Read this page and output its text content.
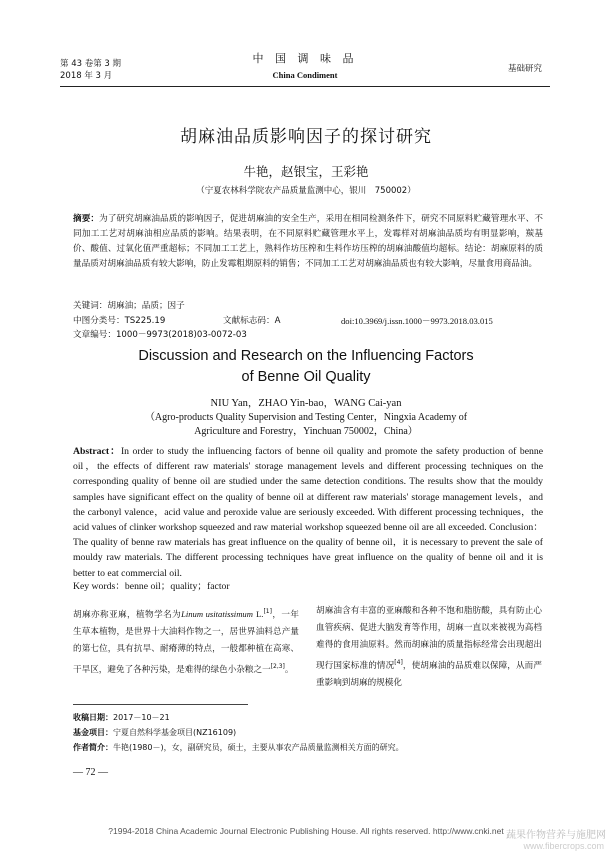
第 43 卷第 3 期
2018 年 3 月
中 国 调 味 品
China Condiment
基础研究
胡麻油品质影响因子的探讨研究
牛艳，赵银宝，王彩艳
（宁夏农林科学院农产品质量监测中心，银川　750002）
摘要：为了研究胡麻油品质的影响因子，促进胡麻油的安全生产，采用在相同检测条件下，研究不同原料贮藏管理水平、不同加工工艺对胡麻油相应品质的影响。结果表明，在不同原料贮藏管理水平上，发霉样对胡麻油品质均有明显影响，羰基价、酸值、过氧化值严重超标；不同加工工艺上，熟料作坊压榨和生料作坊压榨的胡麻油酸值均超标。结论：胡麻原料的质量品质对胡麻油品质有较大影响，防止发霉粗期原料的销售；不同加工工艺对胡麻油品质也有较大影响，尽量食用商品油。
关键词：胡麻油；品质；因子
中图分类号：TS225.19	文献标志码：A	doi:10.3969/j.issn.1000－9973.2018.03.015
文章编号：1000－9973(2018)03-0072-03
Discussion and Research on the Influencing Factors
of Benne Oil Quality
NIU Yan，ZHAO Yin-bao，WANG Cai-yan
（Agro-products Quality Supervision and Testing Center，Ningxia Academy of
Agriculture and Forestry，Yinchuan 750002，China）
Abstract：In order to study the influencing factors of benne oil quality and promote the safety production of benne oil，the effects of different raw materials' storage management levels and different processing techniques on the corresponding quality of benne oil are studied under the same detection conditions. The results show that the mouldy samples have significant effect on the quality of benne oil at different raw materials' storage management levels，and the carbonyl valence，acid value and peroxide value are seriously exceeded. With different processing techniques，the acid values of clinker workshop squeezed and raw material workshop squeezed benne oil are all exceeded. Conclusion：The quality of benne raw materials has great influence on the quality of benne oil，it is necessary to prevent the sale of mouldy raw materials. The different processing techniques have great influence on the quality of benne oil and it is better to eat commercial oil.
Key words：benne oil；quality；factor
胡麻亦称亚麻，植物学名为Linum usitatissimum L.[1]，一年生草本植物，是世界十大油料作物之一，居世界油料总产量的第七位，具有抗旱、耐瘠薄的特点，一般都种植在高寒、干旱区，避免了各种污染，是难得的绿色小杂粮之一[2,3]。
胡麻油含有丰富的亚麻酸和各种不饱和脂肪酸，具有防止心血管疾病、促进大脑发育等作用，胡麻一直以来被视为高档难得的食用油原料。然而胡麻油的质量指标经常会出现超出现行国家标准的情况[4]，使胡麻油的品质难以保障，从而严重影响到胡麻的规模化
收稿日期：2017－10－21
基金项目：宁夏自然科学基金项目(NZ16109)
作者简介：牛艳(1980－)，女，副研究员，硕士，主要从事农产品质量监测相关方面的研究。
— 72 —
?1994-2018 China Academic Journal Electronic Publishing House. All rights reserved. http://www.cnki.net 蔬果作物营养与施肥网
www.fibercrops.com
